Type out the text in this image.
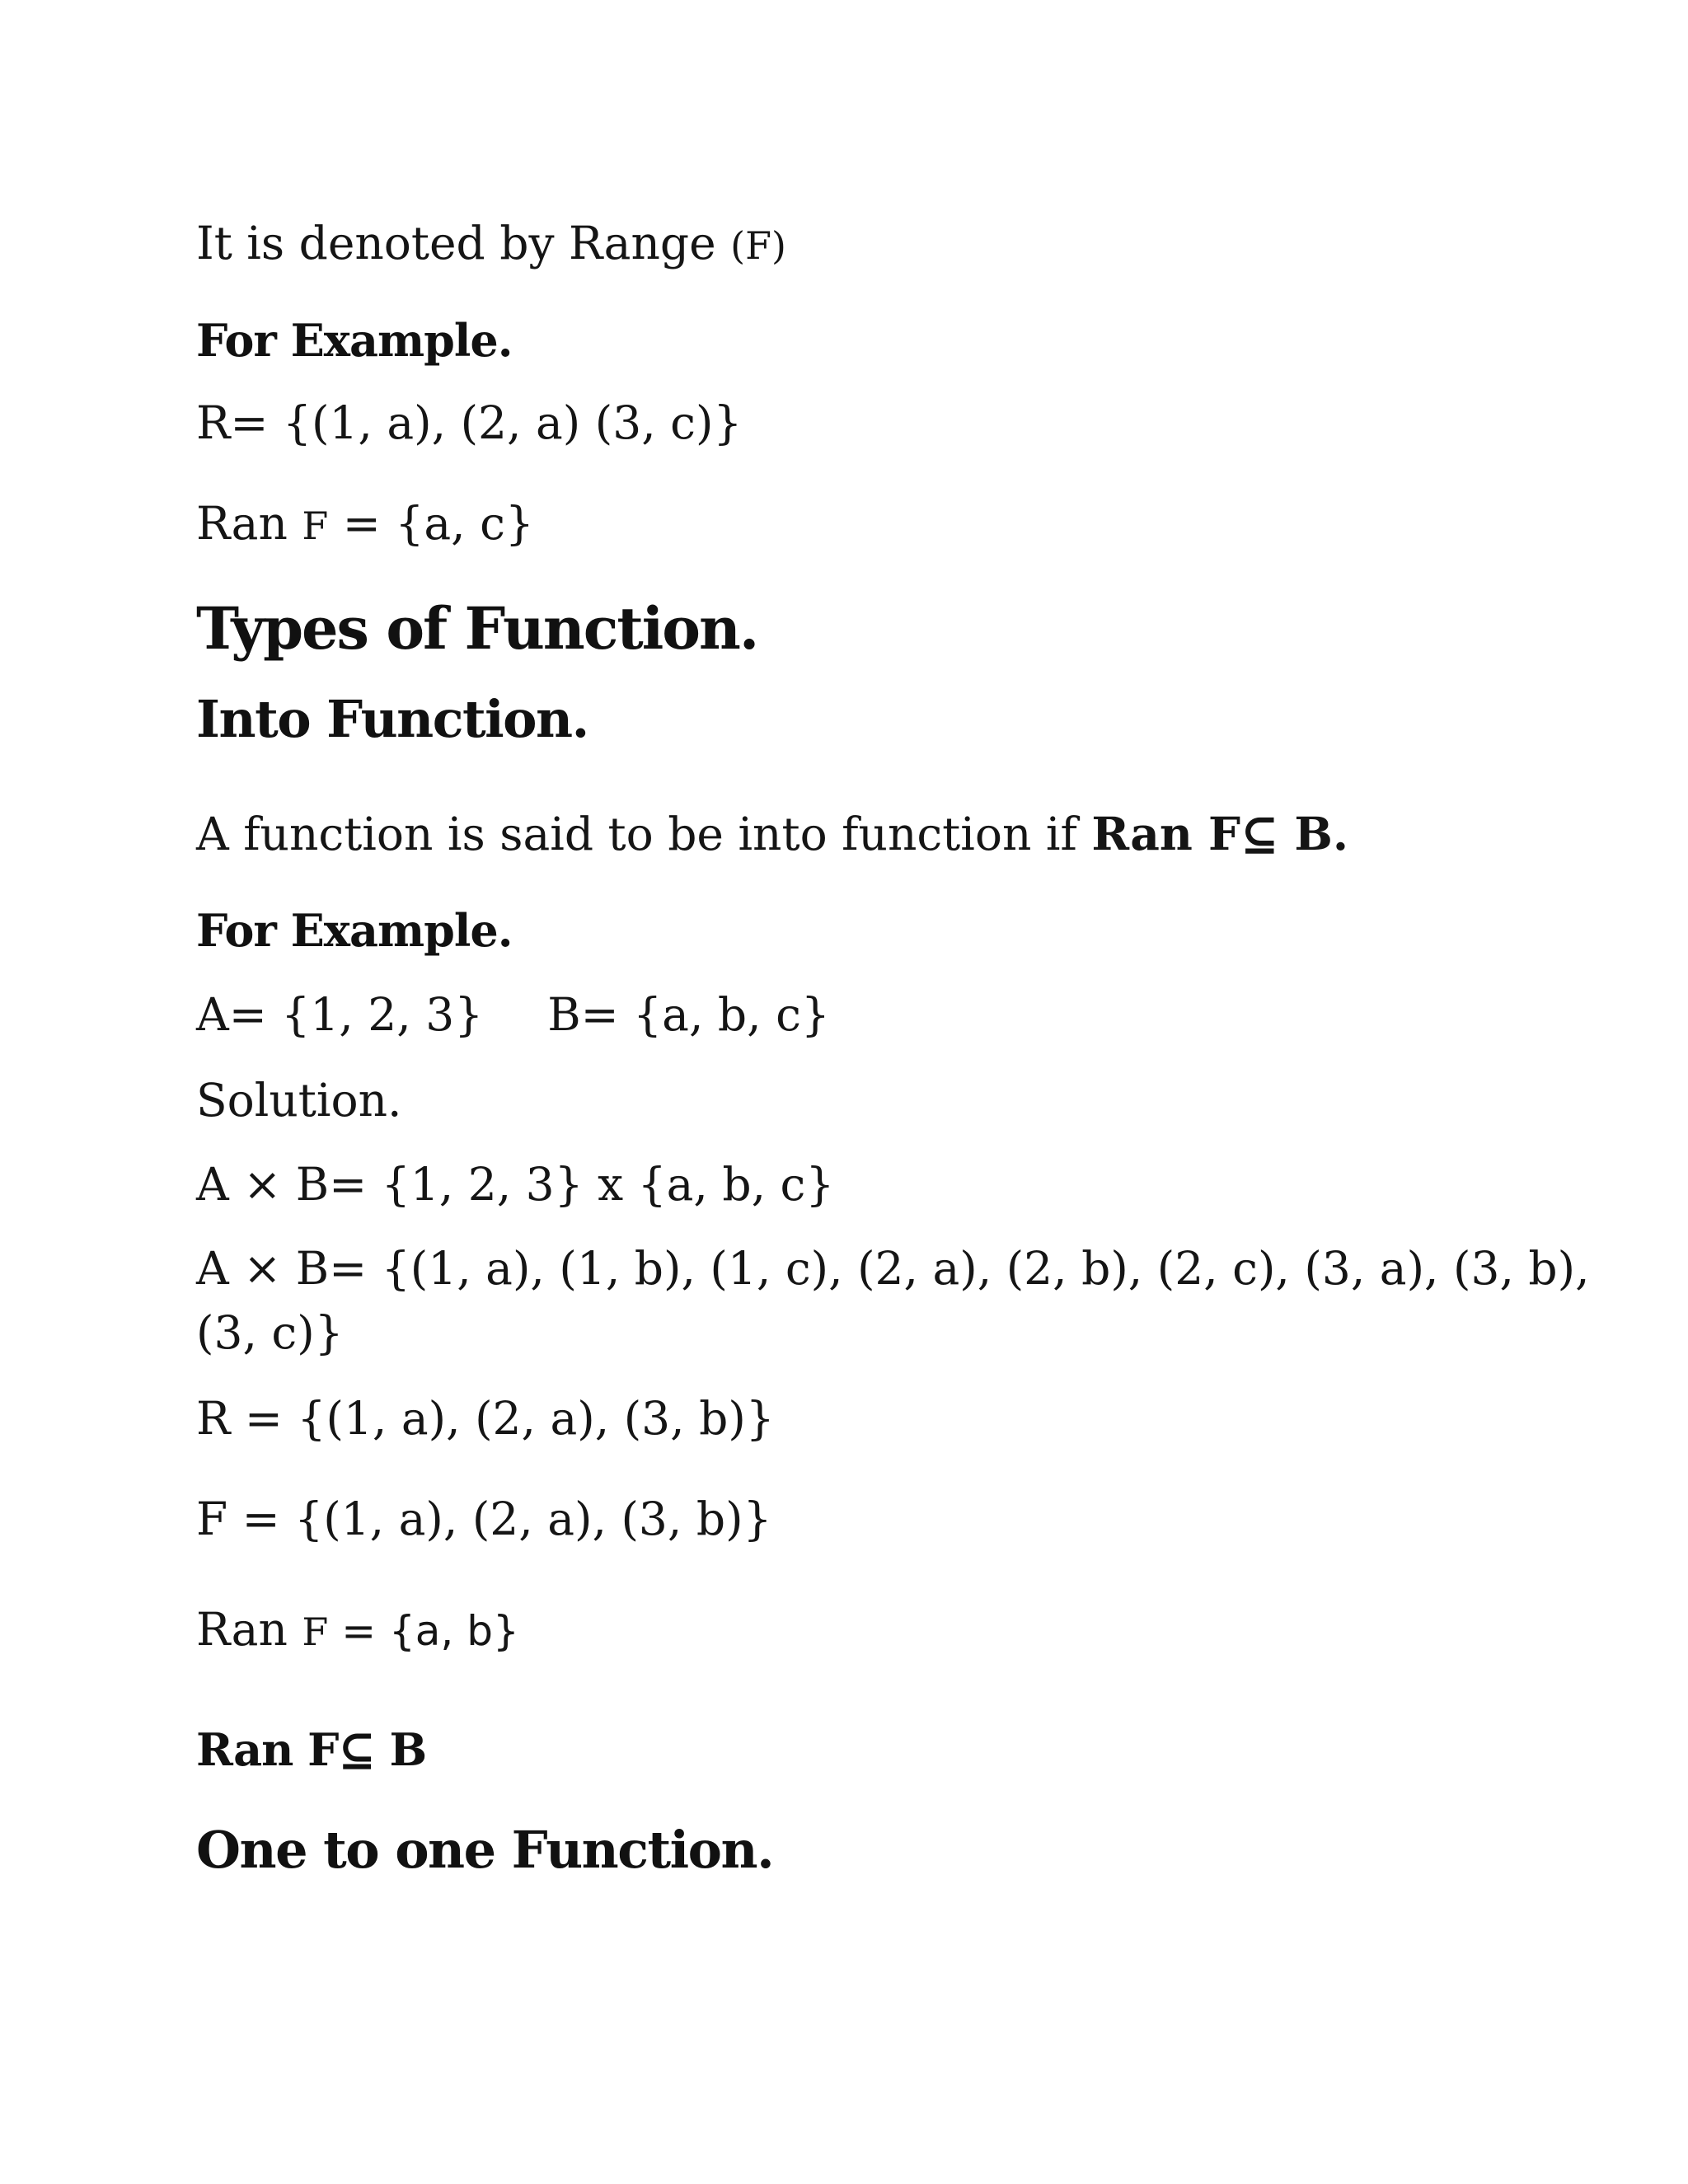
It is denoted by Range (F)
For Example.
R= {(1, a), (2, a) (3, c)}
Ran F = {a, c}
Types of Function.
Into Function.
A function is said to be into function if Ran F⊆ B.
For Example.
A= {1, 2, 3} B= {a, b, c}
Solution.
A × B= {1, 2, 3} x {a, b, c}
A × B= {(1, a), (1, b), (1, c), (2, a), (2, b), (2, c), (3, a), (3, b),
(3, c)}
R = {(1, a), (2, a), (3, b)}
F = {(1, a), (2, a), (3, b)}
Ran F = {a, b}
Ran F⊆ B
One to one Function.
